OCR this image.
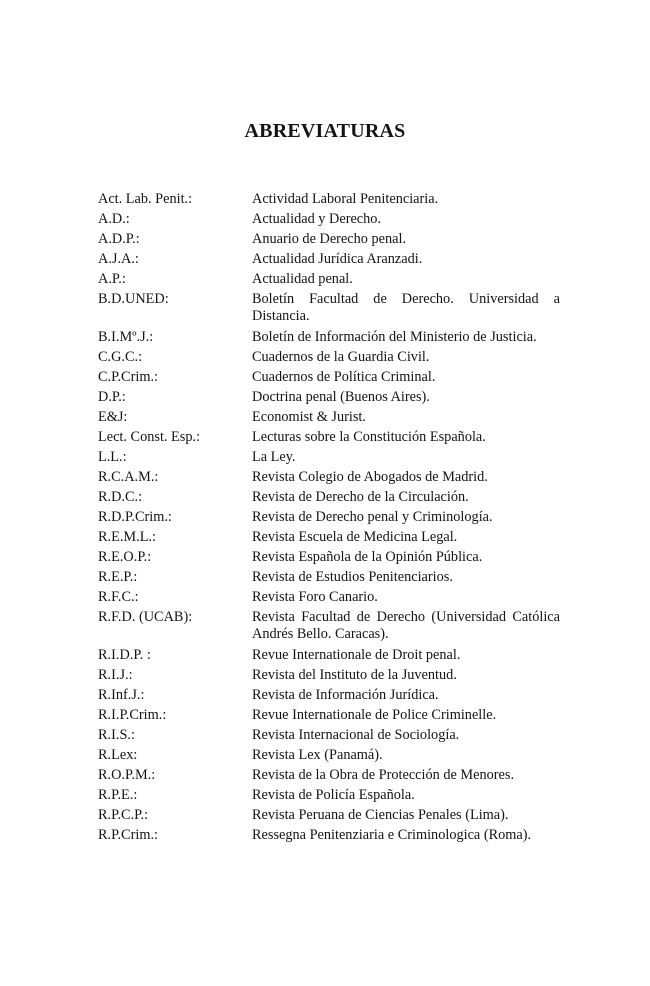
ABREVIATURAS
Act. Lab. Penit.:	Actividad Laboral Penitenciaria.
A.D.:	Actualidad y Derecho.
A.D.P.:	Anuario de Derecho penal.
A.J.A.:	Actualidad Jurídica Aranzadi.
A.P.:	Actualidad penal.
B.D.UNED:	Boletín Facultad de Derecho. Universidad a Distancia.
B.I.Mº.J.:	Boletín de Información del Ministerio de Justicia.
C.G.C.:	Cuadernos de la Guardia Civil.
C.P.Crim.:	Cuadernos de Política Criminal.
D.P.:	Doctrina penal (Buenos Aires).
E&J:	Economist & Jurist.
Lect. Const. Esp.:	Lecturas sobre la Constitución Española.
L.L.:	La Ley.
R.C.A.M.:	Revista Colegio de Abogados de Madrid.
R.D.C.:	Revista de Derecho de la Circulación.
R.D.P.Crim.:	Revista de Derecho penal y Criminología.
R.E.M.L.:	Revista Escuela de Medicina Legal.
R.E.O.P.:	Revista Española de la Opinión Pública.
R.E.P.:	Revista de Estudios Penitenciarios.
R.F.C.:	Revista Foro Canario.
R.F.D. (UCAB):	Revista Facultad de Derecho (Universidad Católica Andrés Bello. Caracas).
R.I.D.P. :	Revue Internationale de Droit penal.
R.I.J.:	Revista del Instituto de la Juventud.
R.Inf.J.:	Revista de Información Jurídica.
R.I.P.Crim.:	Revue Internationale de Police Criminelle.
R.I.S.:	Revista Internacional de Sociología.
R.Lex:	Revista Lex (Panamá).
R.O.P.M.:	Revista de la Obra de Protección de Menores.
R.P.E.:	Revista de Policía Española.
R.P.C.P.:	Revista Peruana de Ciencias Penales (Lima).
R.P.Crim.:	Ressegna Penitenziaria e Criminologica (Roma).
